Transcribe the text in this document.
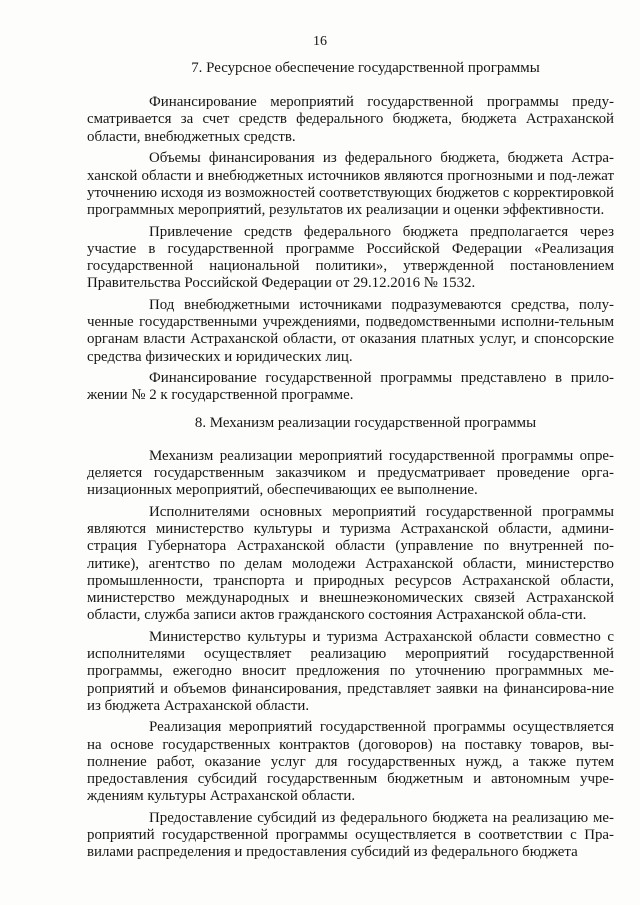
16

7. Ресурсное обеспечение государственной программы

Финансирование мероприятий государственной программы преду-сматривается за счет средств федерального бюджета, бюджета Астраханской области, внебюджетных средств.

Объемы финансирования из федерального бюджета, бюджета Астра-ханской области и внебюджетных источников являются прогнозными и под-лежат уточнению исходя из возможностей соответствующих бюджетов с корректировкой программных мероприятий, результатов их реализации и оценки эффективности.

Привлечение средств федерального бюджета предполагается через участие в государственной программе Российской Федерации «Реализация государственной национальной политики», утвержденной постановлением Правительства Российской Федерации от 29.12.2016 № 1532.

Под внебюджетными источниками подразумеваются средства, полу-ченные государственными учреждениями, подведомственными исполни-тельным органам власти Астраханской области, от оказания платных услуг, и спонсорские средства физических и юридических лиц.

Финансирование государственной программы представлено в прило-жении № 2 к государственной программе.

8. Механизм реализации государственной программы

Механизм реализации мероприятий государственной программы опре-деляется государственным заказчиком и предусматривает проведение орга-низационных мероприятий, обеспечивающих ее выполнение.

Исполнителями основных мероприятий государственной программы являются министерство культуры и туризма Астраханской области, админи-страция Губернатора Астраханской области (управление по внутренней по-литике), агентство по делам молодежи Астраханской области, министерство промышленности, транспорта и природных ресурсов Астраханской области, министерство международных и внешнеэкономических связей Астраханской области, служба записи актов гражданского состояния Астраханской обла-сти.

Министерство культуры и туризма Астраханской области совместно с исполнителями осуществляет реализацию мероприятий государственной программы, ежегодно вносит предложения по уточнению программных ме-роприятий и объемов финансирования, представляет заявки на финансирова-ние из бюджета Астраханской области.

Реализация мероприятий государственной программы осуществляется на основе государственных контрактов (договоров) на поставку товаров, вы-полнение работ, оказание услуг для государственных нужд, а также путем предоставления субсидий государственным бюджетным и автономным учре-ждениям культуры Астраханской области.

Предоставление субсидий из федерального бюджета на реализацию ме-роприятий государственной программы осуществляется в соответствии с Пра-вилами распределения и предоставления субсидий из федерального бюджета
